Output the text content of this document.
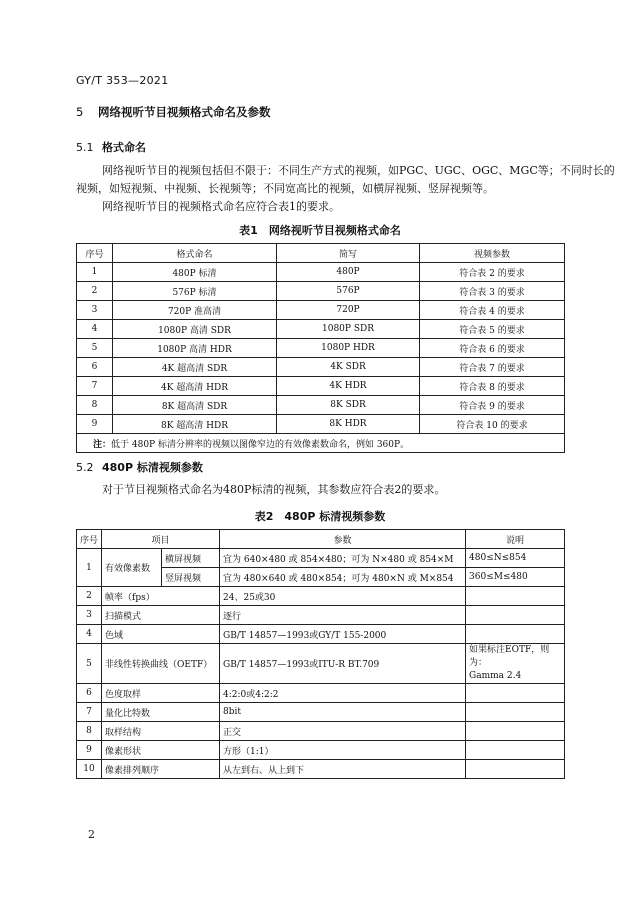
GY/T 353—2021
5 网络视听节目视频格式命名及参数
5.1 格式命名
网络视听节目的视频包括但不限于：不同生产方式的视频，如PGC、UGC、OGC、MGC等；不同时长的
视频，如短视频、中视频、长视频等；不同宽高比的视频，如横屏视频、竖屏视频等。
网络视听节目的视频格式命名应符合表1的要求。
表1　网络视听节目视频格式命名
序号	格式命名	简写	视频参数
1	480P 标清	480P	符合表 2 的要求
2	576P 标清	576P	符合表 3 的要求
3	720P 准高清	720P	符合表 4 的要求
4	1080P 高清 SDR	1080P SDR	符合表 5 的要求
5	1080P 高清 HDR	1080P HDR	符合表 6 的要求
6	4K 超高清 SDR	4K SDR	符合表 7 的要求
7	4K 超高清 HDR	4K HDR	符合表 8 的要求
8	8K 超高清 SDR	8K SDR	符合表 9 的要求
9	8K 超高清 HDR	8K HDR	符合表 10 的要求
注：低于 480P 标清分辨率的视频以图像窄边的有效像素数命名，例如 360P。			
5.2 480P 标清视频参数
对于节目视频格式命名为480P标清的视频，其参数应符合表2的要求。
表2　480P 标清视频参数
序号	项目		参数	说明
1	有效像素数	横屏视频	宜为 640×480 或 854×480；可为 N×480 或 854×M	480≤N≤854
		竖屏视频	宜为 480×640 或 480×854；可为 480×N 或 M×854	360≤M≤480
2	帧率（fps）		24、25或30	
3	扫描模式		逐行	
4	色域		GB/T 14857—1993或GY/T 155-2000	
5	非线性转换曲线（OETF）		GB/T 14857—1993或ITU-R BT.709	如果标注EOTF，则为：
Gamma 2.4

6	色度取样		4:2:0或4:2:2	
7	量化比特数		8bit	
8	取样结构		正交	
9	像素形状		方形（1:1）	
10	像素排列顺序		从左到右、从上到下	
2
